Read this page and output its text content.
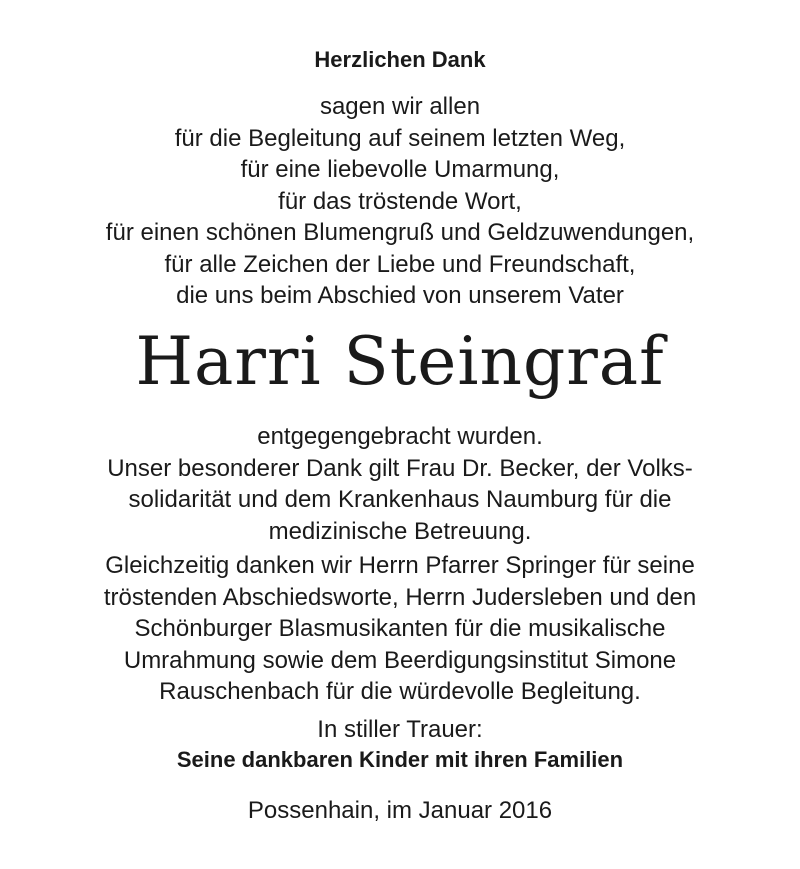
Herzlichen Dank
sagen wir allen
für die Begleitung auf seinem letzten Weg,
für eine liebevolle Umarmung,
für das tröstende Wort,
für einen schönen Blumengruß und Geldzuwendungen,
für alle Zeichen der Liebe und Freundschaft,
die uns beim Abschied von unserem Vater
Harri Steingraf
entgegengebracht wurden.
Unser besonderer Dank gilt Frau Dr. Becker, der Volks-
solidarität und dem Krankenhaus Naumburg für die
medizinische Betreuung.
Gleichzeitig danken wir Herrn Pfarrer Springer für seine
tröstenden Abschiedsworte, Herrn Judersleben und den
Schönburger Blasmusikanten für die musikalische
Umrahmung sowie dem Beerdigungsinstitut Simone
Rauschenbach für die würdevolle Begleitung.
In stiller Trauer:
Seine dankbaren Kinder mit ihren Familien
Possenhain, im Januar 2016
